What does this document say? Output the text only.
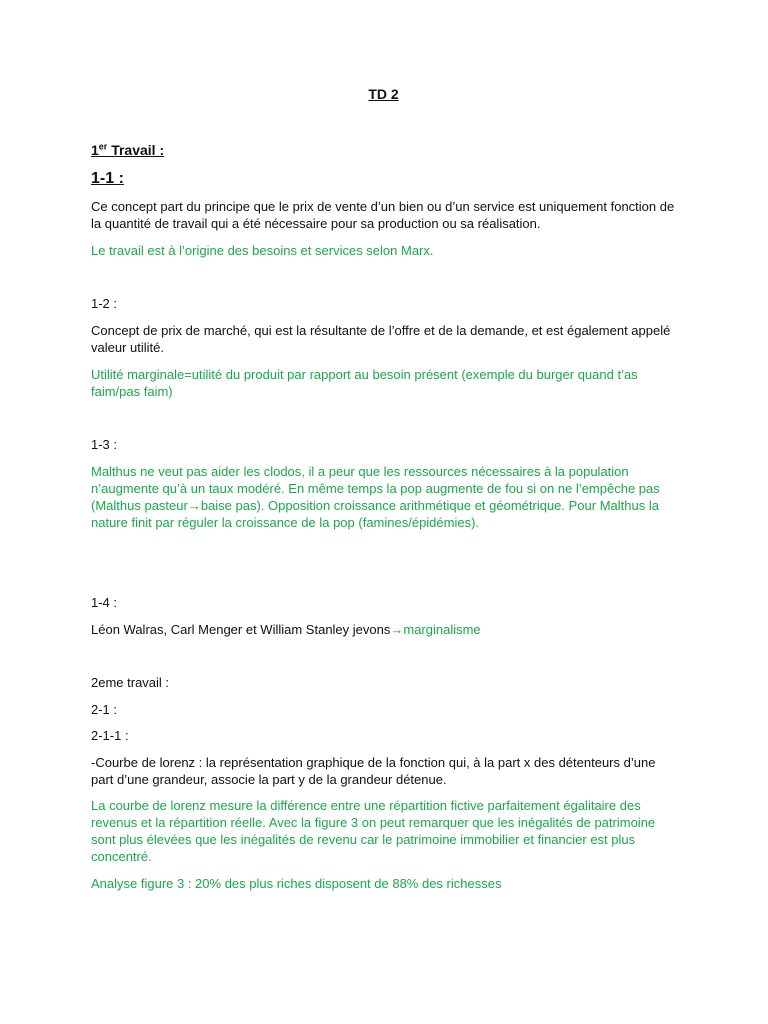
TD 2
1er Travail :
1-1 :
Ce concept part du principe que le prix de vente d’un bien ou d’un service est uniquement fonction de la quantité de travail qui a été nécessaire pour sa production ou sa réalisation.
Le travail est à l’origine des besoins et services selon Marx.
1-2 :
Concept de prix de marché, qui est la résultante de l’offre et de la demande, et est également appelé valeur utilité.
Utilité marginale=utilité du produit par rapport au besoin présent (exemple du burger quand t’as faim/pas faim)
1-3 :
Malthus ne veut pas aider les clodos, il a peur que les ressources nécessaires à la population n’augmente qu’à un taux modéré. En même temps la pop augmente de fou si on ne l’empêche pas (Malthus pasteur→baise pas). Opposition croissance arithmétique et géométrique. Pour Malthus la nature finit par réguler la croissance de la pop (famines/épidémies).
1-4 :
Léon Walras, Carl Menger et William Stanley jevons→marginalisme
2eme travail :
2-1 :
2-1-1 :
-Courbe de lorenz : la représentation graphique de la fonction qui, à la part x des détenteurs d’une part d’une grandeur, associe la part y de la grandeur détenue.
La courbe de lorenz mesure la différence entre une répartition fictive parfaitement égalitaire des revenus et la répartition réelle. Avec la figure 3 on peut remarquer que les inégalités de patrimoine sont plus élevées que les inégalités de revenu car le patrimoine immobilier et financier est plus concentré.
Analyse figure 3 : 20% des plus riches disposent de 88% des richesses
